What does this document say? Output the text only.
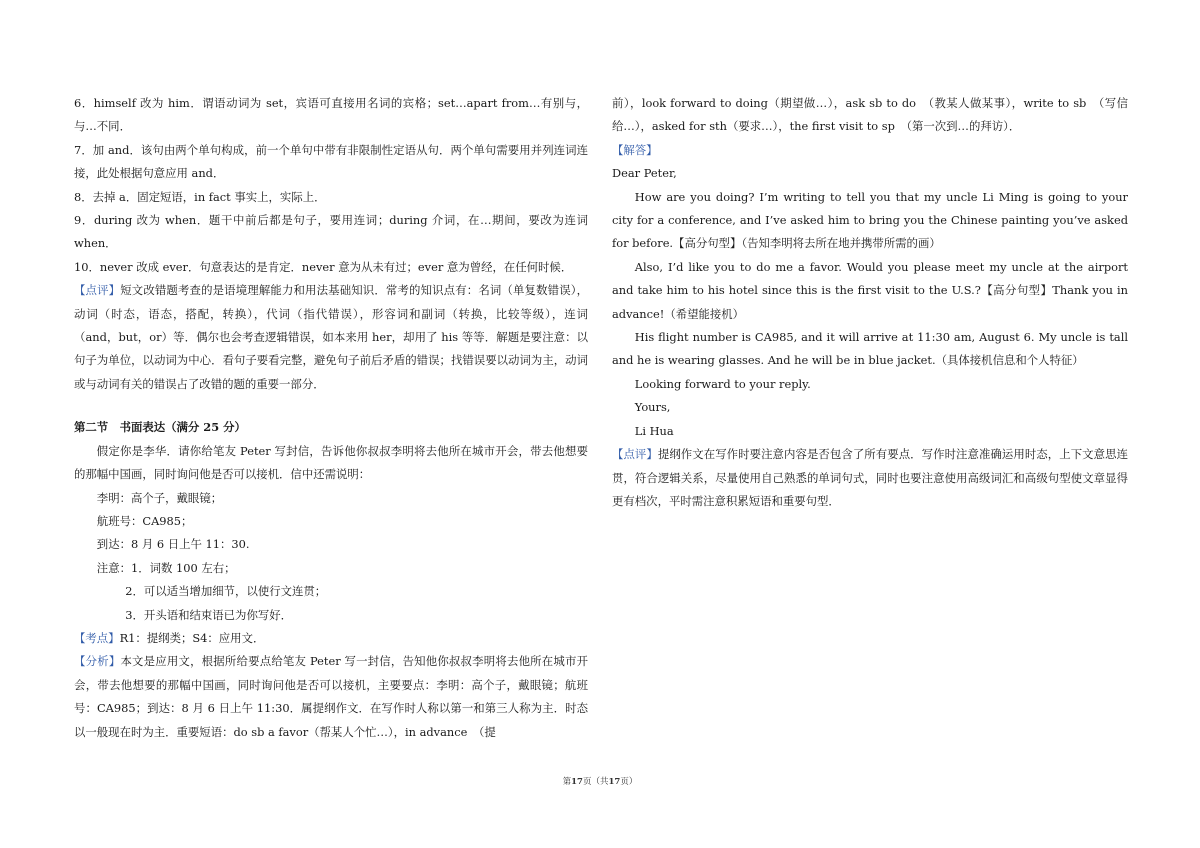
6．himself 改为 him．谓语动词为 set，宾语可直接用名词的宾格；set…apart from…有别与，与…不同．

7．加 and．该句由两个单句构成，前一个单句中带有非限制性定语从句．两个单句需要用并列连词连接，此处根据句意应用 and．

8．去掉 a．固定短语，in fact 事实上，实际上．

9．during 改为 when．题干中前后都是句子，要用连词；during 介词，在…期间，要改为连词 when．

10．never 改成 ever．句意表达的是肯定．never 意为从未有过；ever 意为曾经，在任何时候．

【点评】短文改错题考查的是语境理解能力和用法基础知识．常考的知识点有：名词（单复数错误），动词（时态，语态，搭配，转换），代词（指代错误），形容词和副词（转换，比较等级），连词（and，but，or）等．偶尔也会考查逻辑错误，如本来用 her，却用了 his 等等．解题是要注意：以句子为单位，以动词为中心．看句子要看完整，避免句子前后矛盾的错误；找错误要以动词为主，动词或与动词有关的错误占了改错的题的重要一部分．

第二节　书面表达（满分 25 分）

假定你是李华．请你给笔友 Peter 写封信，告诉他你叔叔李明将去他所在城市开会，带去他想要的那幅中国画，同时询问他是否可以接机．信中还需说明：

李明：高个子，戴眼镜；

航班号：CA985；

到达：8 月 6 日上午 11：30.

注意：1．词数 100 左右；

2．可以适当增加细节，以使行文连贯；

3．开头语和结束语已为你写好．

【考点】R1：提纲类；S4：应用文．

【分析】本文是应用文，根据所给要点给笔友 Peter 写一封信，告知他你叔叔李明将去他所在城市开会，带去他想要的那幅中国画，同时询问他是否可以接机，主要要点：李明：高个子，戴眼镜；航班号：CA985；到达：8 月 6 日上午 11:30．属提纲作文．在写作时人称以第一和第三人称为主．时态以一般现在时为主．重要短语：do sb a favor（帮某人个忙…），in advance　（提

前），look forward to doing（期望做…），ask sb to do　（教某人做某事），write to sb　（写信给…），asked for sth（要求…），the first visit to sp　（第一次到…的拜访）．

【解答】

Dear Peter,

How are you doing? I’m writing to tell you that my uncle Li Ming is going to your city for a conference, and I’ve asked him to bring you the Chinese painting you’ve asked for before.【高分句型】（告知李明将去所在地并携带所需的画）

Also, I’d like you to do me a favor. Would you please meet my uncle at the airport and take him to his hotel since this is the first visit to the U.S.?【高分句型】Thank you in advance!（希望能接机）

His flight number is CA985, and it will arrive at 11:30 am, August 6. My uncle is tall and he is wearing glasses. And he will be in blue jacket.（具体接机信息和个人特征）

Looking forward to your reply.

Yours,

Li Hua

【点评】提纲作文在写作时要注意内容是否包含了所有要点．写作时注意准确运用时态，上下文意思连贯，符合逻辑关系，尽量使用自己熟悉的单词句式，同时也要注意使用高级词汇和高级句型使文章显得更有档次，平时需注意积累短语和重要句型．

第17页（共17页）
